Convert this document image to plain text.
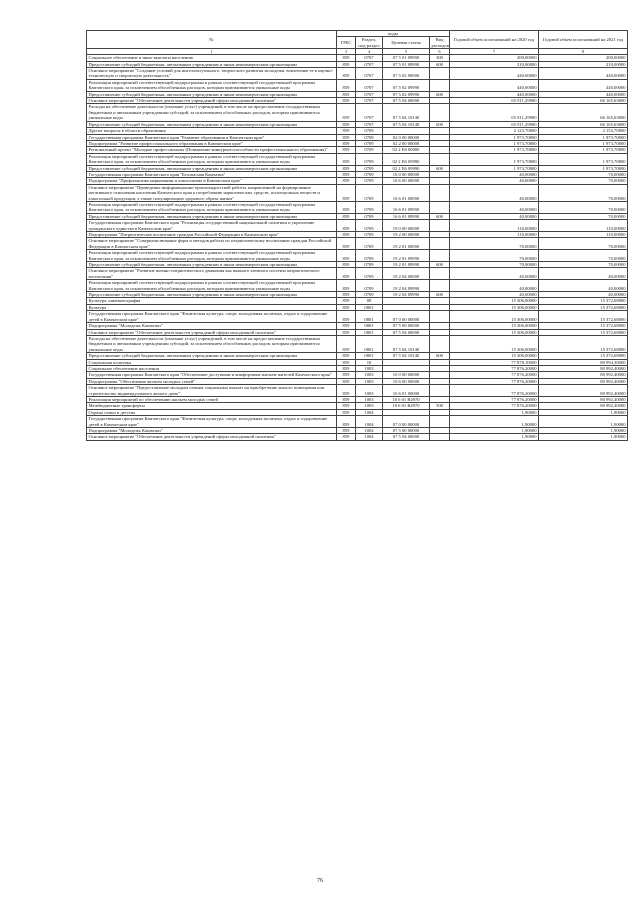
№	коды				Годовой объем ассигнований на 2020 год	Годовой объем ассигнований на 2021 год
	ГРБС	Раздел, под-раздел	Целевая статья	Вид расходов		
1	3	4	5	6	7	8
Социальное обеспечение и иные выплаты населению	859	0707	07 5 01 09990	300	200,00000	200,00000
Предоставление субсидий бюджетным, автономным учреждениям и иным некоммерческим организациям	859	0707	07 5 01 09990	600	210,00000	210,00000
Основное мероприятие "Создание условий для интеллектуального, творческого развития молодежи, вовлечение ее в научно-техническую и творческую деятельность"	859	0707	07 5 02 00000		440,00000	440,00000
Реализация мероприятий соответствующей подпрограммы в рамках соответствующей государственной программы Камчатского края, за исключением обособленных расходов, которым присваиваются уникальные коды	859	0707	07 5 02 09990		440,00000	440,00000
Предоставление субсидий бюджетным, автономным учреждениям и иным некоммерческим организациям	859	0707	07 5 02 09990	600	440,00000	440,00000
Основное мероприятие "Обеспечение деятельности учреждений сферы молодежной политики"	859	0707	07 5 04 00000		65 911,29900	66 165,63800
Расходы на обеспечение деятельности (оказание услуг) учреждений, в том числе на предоставление государственным бюджетным и автономным учреждениям субсидий, за исключением обособленных расходов, которым присваиваются уникальные коды	859	0707	07 5 04 10140		65 911,29900	66 165,63800
Предоставление субсидий бюджетным, автономным учреждениям и иным некоммерческим организациям	859	0707	07 5 04 10140	600	65 911,29900	66 165,63800
Другие вопросы в области образования	859	0709			2 123,70800	2 153,70800
Государственная программа Камчатского края "Развитие образования в Камчатском крае"	859	0709	02 0 00 00000		1 973,70800	1 973,70800
Подпрограмма "Развитие профессионального образования в Камчатском крае"	859	0709	02 2 00 00000		1 973,70800	1 973,70800
Региональный проект "Молодые профессионалы (Повышение конкурентоспособности профессионального образования)"	859	0709	02 2 E6 00000		1 973,70800	1 973,70800
Реализация мероприятий соответствующей подпрограммы в рамках соответствующей государственной программы Камчатского края, за исключением обособленных расходов, которым присваиваются уникальные коды	859	0709	02 2 E6 09990		1 973,70800	1 973,70800
Предоставление субсидий бюджетным, автономным учреждениям и иным некоммерческим организациям	859	0709	02 2 E6 09990	600	1 973,70800	1 973,70800
Государственная программа Камчатского края "Безопасная Камчатка"	859	0709	16 0 00 00000		40,00000	70,00000
Подпрограмма "Профилактика наркомании и алкоголизма в Камчатском крае"	859	0709	16 6 00 00000		40,00000	70,00000
Основное мероприятие "Проведение информационно-пропагандистской работы, направленной на формирование негативного отношения населения Камчатского края к потреблению наркотических средств, психотропных веществ и алкогольной продукции, а также популяризацию здорового образа жизни"	859	0709	16 6 01 00000		40,00000	70,00000
Реализация мероприятий соответствующей подпрограммы в рамках соответствующей государственной программы Камчатского края, за исключением обособленных расходов, которым присваиваются уникальные коды	859	0709	16 6 01 09990		40,00000	70,00000
Предоставление субсидий бюджетным, автономным учреждениям и иным некоммерческим организациям	859	0709	16 6 01 09990	600	40,00000	70,00000
Государственная программа Камчатского края "Реализация государственной национальной политики и укрепление гражданского единства в Камчатском крае"	859	0709	19 0 00 00000		110,00000	110,00000
Подпрограмма "Патриотическое воспитание граждан Российской Федерации в Камчатском крае"	859	0709	19 2 00 00000		110,00000	110,00000
Основное мероприятие "Совершенствование форм и методов работы по патриотическому воспитанию граждан Российской Федерации в Камчатском крае"	859	0709	19 2 01 00000		70,00000	70,00000
Реализация мероприятий соответствующей подпрограммы в рамках соответствующей государственной программы Камчатского края, за исключением обособленных расходов, которым присваиваются уникальные коды	859	0709	19 2 01 09990		70,00000	70,00000
Предоставление субсидий бюджетным, автономным учреждениям и иным некоммерческим организациям	859	0709	19 2 01 09990	600	70,00000	70,00000
Основное мероприятие "Развитие военно-патриотического движения как важного элемента системы патриотического воспитания"	859	0709	19 2 04 00000		40,00000	40,00000
Реализация мероприятий соответствующей подпрограммы в рамках соответствующей государственной программы Камчатского края, за исключением обособленных расходов, которым присваиваются уникальные коды	859	0709	19 2 04 09990		40,00000	40,00000
Предоставление субсидий бюджетным, автономным учреждениям и иным некоммерческим организациям	859	0709	19 2 04 09990	600	40,00000	40,00000
Культура, кинематография	859	08			15 306,00000	15 372,68800
Культура	859	0801			15 306,00000	15 372,68800
Государственная программа Камчатского края "Физическая культура, спорт, молодежная политика, отдых и оздоровление детей в Камчатском крае"	859	0801	07 0 00 00000		15 306,00000	15 372,68800
Подпрограмма "Молодежь Камчатки"	859	0801	07 5 00 00000		15 306,00000	15 372,68800
Основное мероприятие "Обеспечение деятельности учреждений сферы молодежной политики"	859	0801	07 5 04 00000		15 306,00000	15 372,68800
Расходы на обеспечение деятельности (оказание услуг) учреждений, в том числе на предоставление государственным бюджетным и автономным учреждениям субсидий, за исключением обособленных расходов, которым присваиваются уникальные коды	859	0801	07 5 04 10140		15 306,00000	15 372,68800
Предоставление субсидий бюджетным, автономным учреждениям и иным некоммерческим организациям	859	0801	07 5 04 10140	600	15 306,00000	15 372,68800
Социальная политика	859	10			77 878,10000	80 994,30000
Социальное обеспечение населения	859	1003			77 876,20000	80 992,40000
Государственная программа Камчатского края "Обеспечение доступным и комфортным жильем жителей Камчатского края"	859	1003	10 0 00 00000		77 876,20000	80 992,40000
Подпрограмма "Обеспечение жильем молодых семей"	859	1003	10 6 00 00000		77 876,20000	80 992,40000
Основное мероприятие "Предоставление молодым семьям социальных выплат на приобретение жилого помещения или строительство индивидуального жилого дома"	859	1003	10 6 01 00000		77 876,20000	80 992,40000
Реализация мероприятий по обеспечению жильем молодых семей	859	1003	10 6 01 R4970		77 876,20000	80 992,40000
Межбюджетные трансферты	859	1003	10 6 01 R4970	500	77 876,20000	80 992,40000
Охрана семьи и детства	859	1004			1,90000	1,90000
Государственная программа Камчатского края "Физическая культура, спорт, молодежная политика, отдых и оздоровление детей в Камчатском крае"	859	1004	07 0 00 00000		1,90000	1,90000
Подпрограмма "Молодежь Камчатки"	859	1004	07 5 00 00000		1,90000	1,90000
Основное мероприятие "Обеспечение деятельности учреждений сферы молодежной политики"	859	1004	07 5 04 00000		1,90000	1,90000
76
